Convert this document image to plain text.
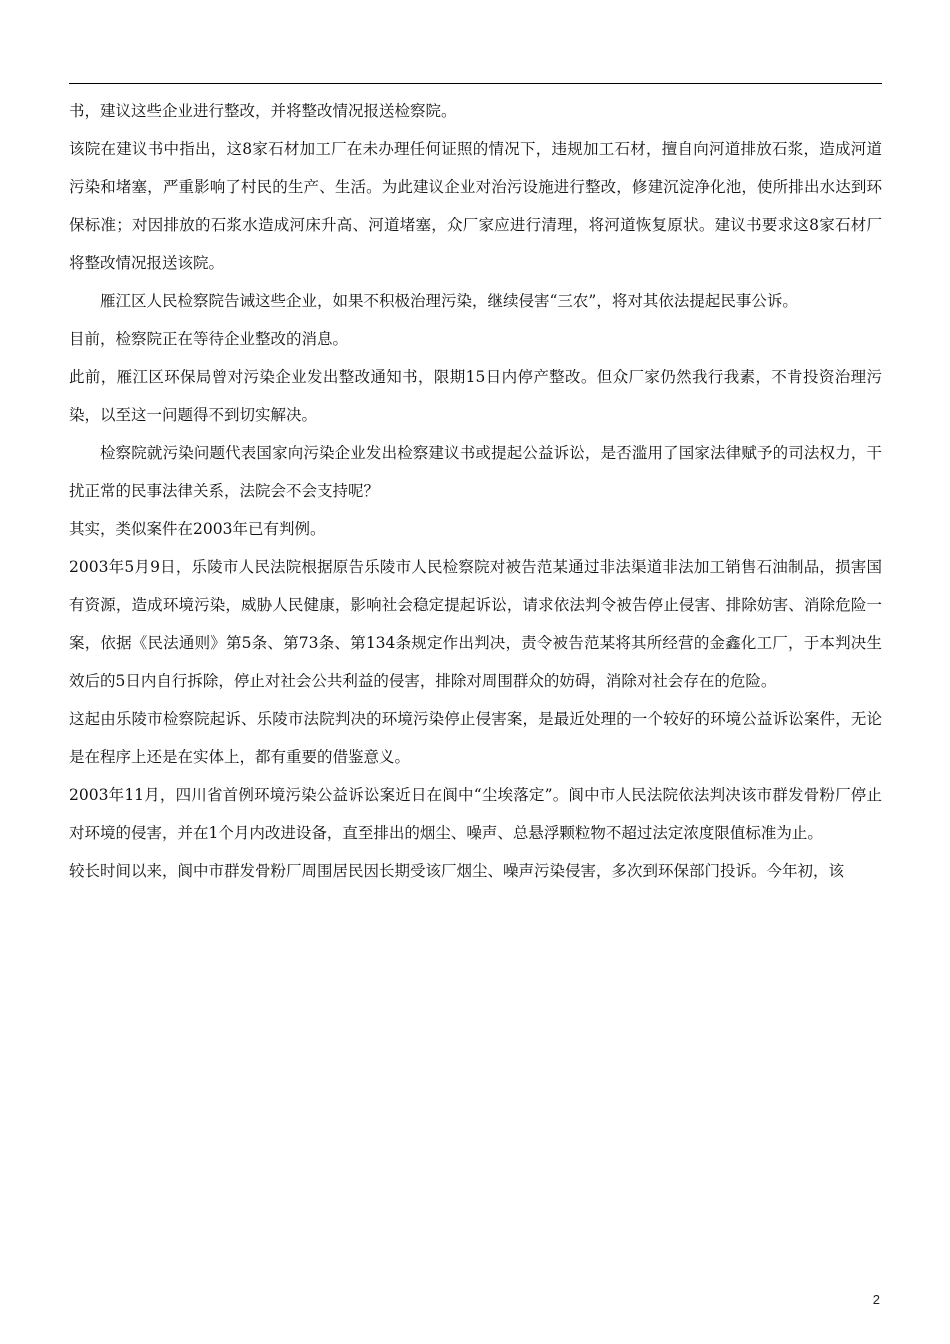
书，建议这些企业进行整改，并将整改情况报送检察院。

该院在建议书中指出，这8家石材加工厂在未办理任何证照的情况下，违规加工石材，擅自向河道排放石浆，造成河道污染和堵塞，严重影响了村民的生产、生活。为此建议企业对治污设施进行整改，修建沉淀净化池，使所排出水达到环保标准；对因排放的石浆水造成河床升高、河道堵塞，众厂家应进行清理，将河道恢复原状。建议书要求这8家石材厂将整改情况报送该院。

雁江区人民检察院告诫这些企业，如果不积极治理污染，继续侵害“三农”，将对其依法提起民事公诉。

目前，检察院正在等待企业整改的消息。

此前，雁江区环保局曾对污染企业发出整改通知书，限期15日内停产整改。但众厂家仍然我行我素，不肯投资治理污染，以至这一问题得不到切实解决。

检察院就污染问题代表国家向污染企业发出检察建议书或提起公益诉讼，是否滥用了国家法律赋予的司法权力，干扰正常的民事法律关系，法院会不会支持呢？

其实，类似案件在2003年已有判例。

2003年5月9日，乐陵市人民法院根据原告乐陵市人民检察院对被告范某通过非法渠道非法加工销售石油制品，损害国有资源，造成环境污染，威胁人民健康，影响社会稳定提起诉讼，请求依法判令被告停止侵害、排除妨害、消除危险一案，依据《民法通则》第5条、第73条、第134条规定作出判决，责令被告范某将其所经营的金鑫化工厂，于本判决生效后的5日内自行拆除，停止对社会公共利益的侵害，排除对周围群众的妨碍，消除对社会存在的危险。

这起由乐陵市检察院起诉、乐陵市法院判决的环境污染停止侵害案，是最近处理的一个较好的环境公益诉讼案件，无论是在程序上还是在实体上，都有重要的借鉴意义。

2003年11月，四川省首例环境污染公益诉讼案近日在阆中“尘埃落定”。阆中市人民法院依法判决该市群发骨粉厂停止对环境的侵害，并在1个月内改进设备，直至排出的烟尘、噪声、总悬浮颗粒物不超过法定浓度限值标准为止。

较长时间以来，阆中市群发骨粉厂周围居民因长期受该厂烟尘、噪声污染侵害，多次到环保部门投诉。今年初，该

2
